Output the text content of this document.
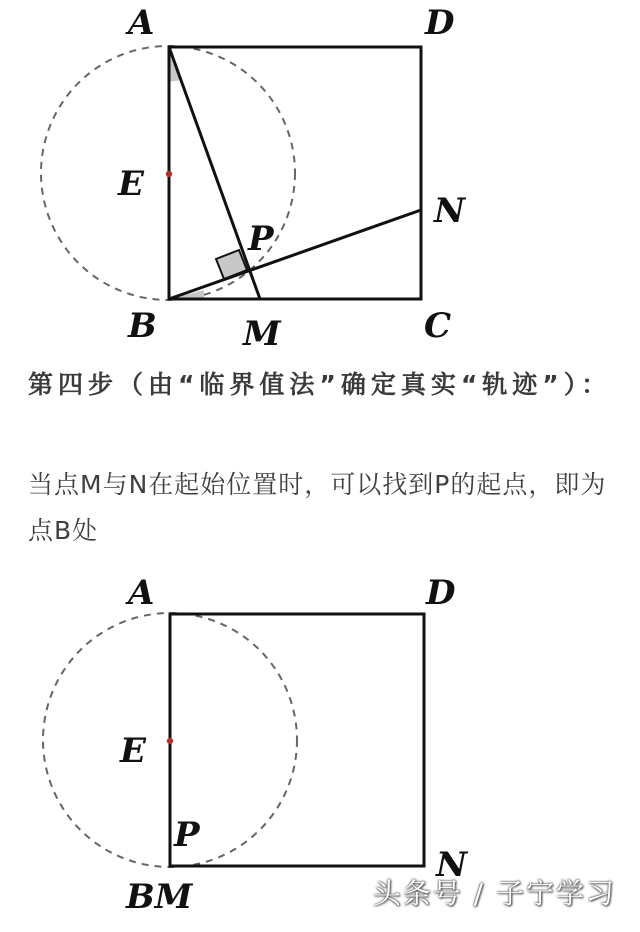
A	D
E
N
P
B	M	C
第四步（由“临界值法”确定真实“轨迹”）：
当点M与N在起始位置时，可以找到P的起点，即为点B处
A	D
E
P
N
BM	头条号 / 子宁学习
